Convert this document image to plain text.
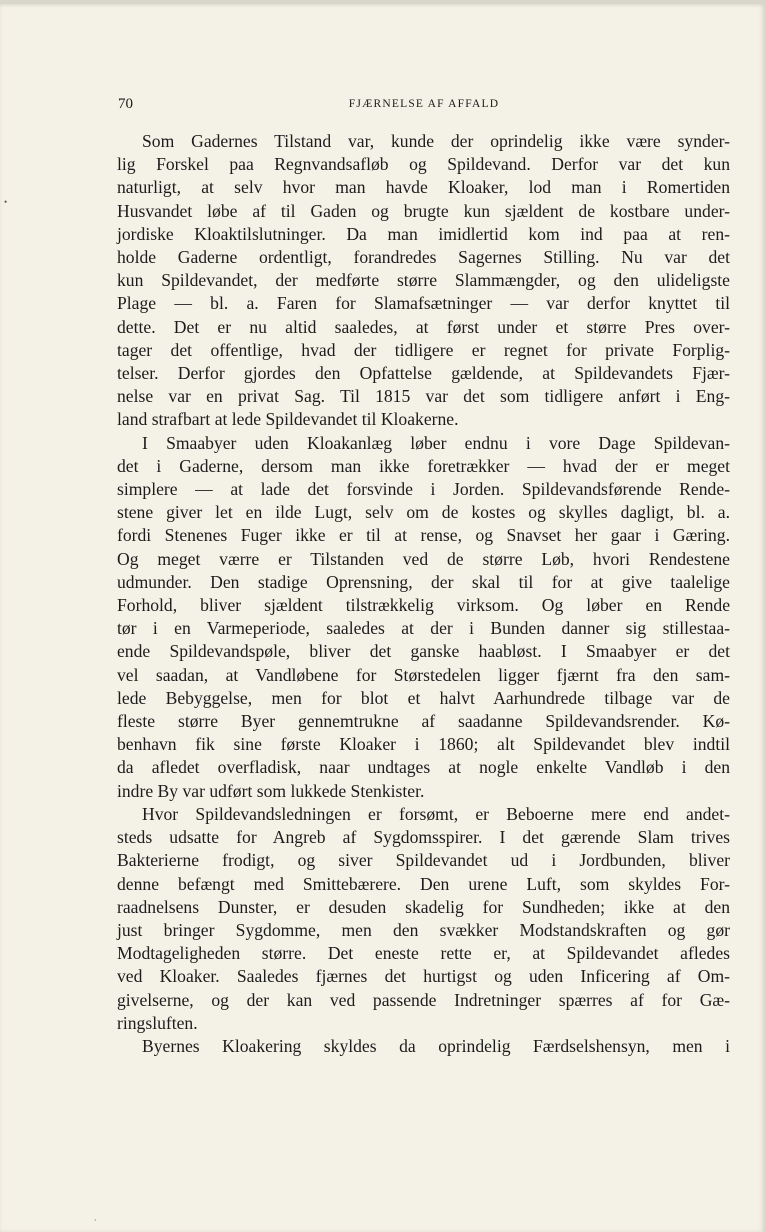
•
70	FJÆRNELSE AF AFFALD

Som Gadernes Tilstand var, kunde der oprindelig ikke være synder-
lig Forskel paa Regnvandsafløb og Spildevand. Derfor var det kun
naturligt, at selv hvor man havde Kloaker, lod man i Romertiden
Husvandet løbe af til Gaden og brugte kun sjældent de kostbare under-
jordiske Kloaktilslutninger. Da man imidlertid kom ind paa at ren-
holde Gaderne ordentligt, forandredes Sagernes Stilling. Nu var det
kun Spildevandet, der medførte større Slammængder, og den ulideligste
Plage — bl. a. Faren for Slamafsætninger — var derfor knyttet til
dette. Det er nu altid saaledes, at først under et større Pres over-
tager det offentlige, hvad der tidligere er regnet for private Forplig-
telser. Derfor gjordes den Opfattelse gældende, at Spildevandets Fjær-
nelse var en privat Sag. Til 1815 var det som tidligere anført i Eng-
land strafbart at lede Spildevandet til Kloakerne.

I Smaabyer uden Kloakanlæg løber endnu i vore Dage Spildevan-
det i Gaderne, dersom man ikke foretrækker — hvad der er meget
simplere — at lade det forsvinde i Jorden. Spildevandsførende Rende-
stene giver let en ilde Lugt, selv om de kostes og skylles dagligt, bl. a.
fordi Stenenes Fuger ikke er til at rense, og Snavset her gaar i Gæring.
Og meget værre er Tilstanden ved de større Løb, hvori Rendestene
udmunder. Den stadige Oprensning, der skal til for at give taalelige
Forhold, bliver sjældent tilstrækkelig virksom. Og løber en Rende
tør i en Varmeperiode, saaledes at der i Bunden danner sig stillestaa-
ende Spildevandspøle, bliver det ganske haabløst. I Smaabyer er det
vel saadan, at Vandløbene for Størstedelen ligger fjærnt fra den sam-
lede Bebyggelse, men for blot et halvt Aarhundrede tilbage var de
fleste større Byer gennemtrukne af saadanne Spildevandsrender. Kø-
benhavn fik sine første Kloaker i 1860; alt Spildevandet blev indtil
da afledet overfladisk, naar undtages at nogle enkelte Vandløb i den
indre By var udført som lukkede Stenkister.

Hvor Spildevandsledningen er forsømt, er Beboerne mere end andet-
steds udsatte for Angreb af Sygdomsspirer. I det gærende Slam trives
Bakterierne frodigt, og siver Spildevandet ud i Jordbunden, bliver
denne befængt med Smittebærere. Den urene Luft, som skyldes For-
raadnelsens Dunster, er desuden skadelig for Sundheden; ikke at den
just bringer Sygdomme, men den svækker Modstandskraften og gør
Modtageligheden større. Det eneste rette er, at Spildevandet afledes
ved Kloaker. Saaledes fjærnes det hurtigst og uden Inficering af Om-
givelserne, og der kan ved passende Indretninger spærres af for Gæ-
ringsluften.

Byernes Kloakering skyldes da oprindelig Færdselshensyn, men i

⸲
